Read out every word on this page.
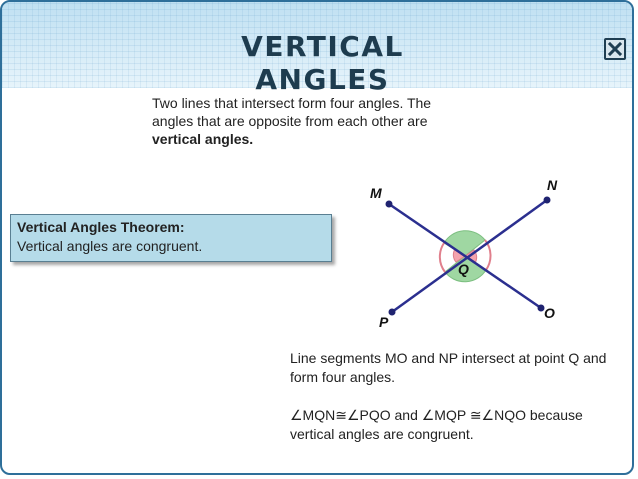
VERTICAL ANGLES
Two lines that intersect form four angles. The angles that are opposite from each other are vertical angles.
Vertical Angles Theorem:
Vertical angles are congruent.
M	N
P
O
Q

Line segments MO and NP intersect at point Q and form four angles.

∠MQN≅∠PQO and ∠MQP ≅∠NQO because vertical angles are congruent.
